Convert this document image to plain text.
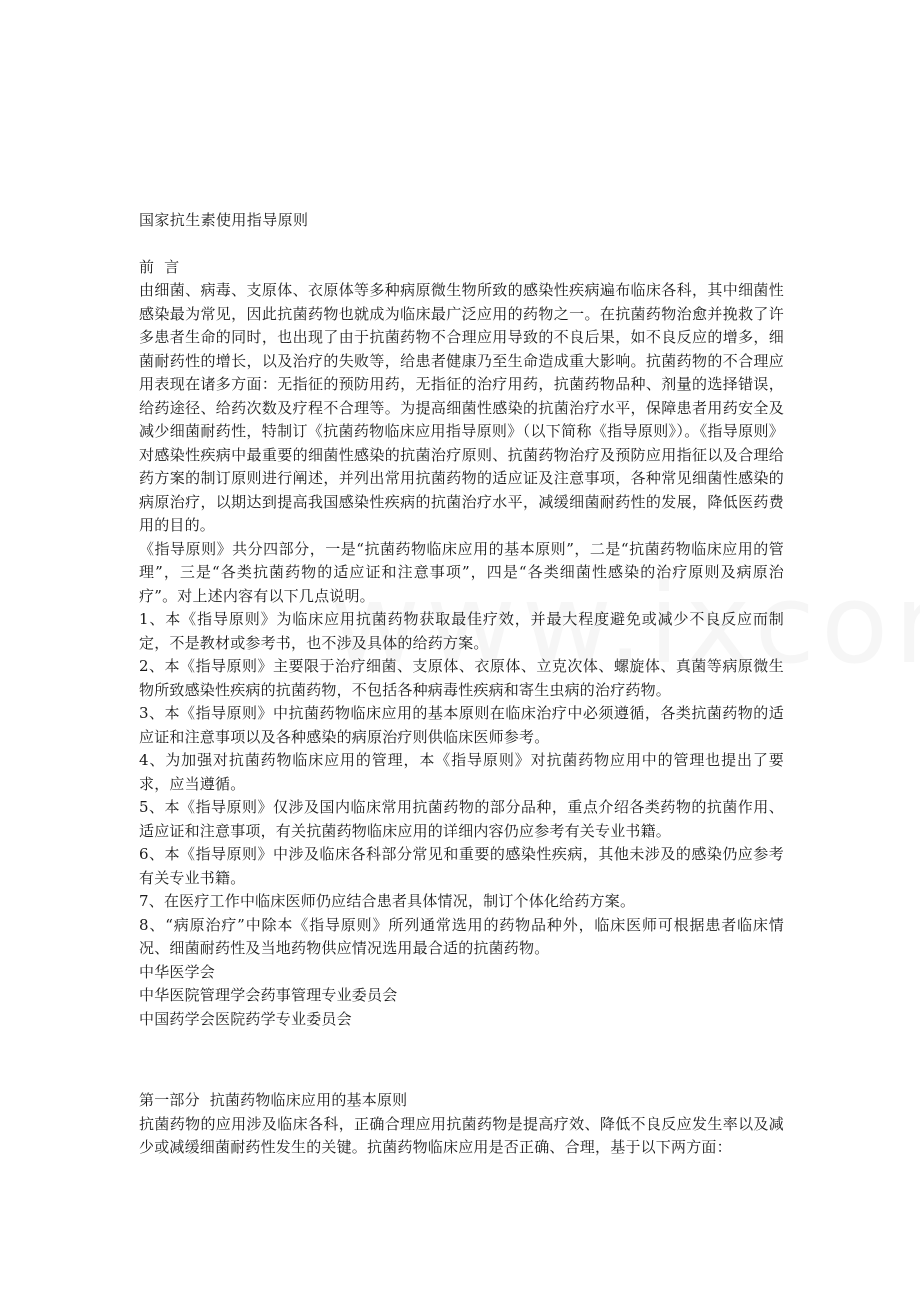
国家抗生素使用指导原则

前  言

由细菌、病毒、支原体、衣原体等多种病原微生物所致的感染性疾病遍布临床各科，其中细菌性感染最为常见，因此抗菌药物也就成为临床最广泛应用的药物之一。在抗菌药物治愈并挽救了许多患者生命的同时，也出现了由于抗菌药物不合理应用导致的不良后果，如不良反应的增多，细菌耐药性的增长，以及治疗的失败等，给患者健康乃至生命造成重大影响。抗菌药物的不合理应用表现在诸多方面：无指征的预防用药，无指征的治疗用药，抗菌药物品种、剂量的选择错误，给药途径、给药次数及疗程不合理等。为提高细菌性感染的抗菌治疗水平，保障患者用药安全及减少细菌耐药性，特制订《抗菌药物临床应用指导原则》（以下简称《指导原则》）。《指导原则》对感染性疾病中最重要的细菌性感染的抗菌治疗原则、抗菌药物治疗及预防应用指征以及合理给药方案的制订原则进行阐述，并列出常用抗菌药物的适应证及注意事项，各种常见细菌性感染的病原治疗，以期达到提高我国感染性疾病的抗菌治疗水平，减缓细菌耐药性的发展，降低医药费用的目的。

《指导原则》共分四部分，一是“抗菌药物临床应用的基本原则”，二是“抗菌药物临床应用的管理”，三是“各类抗菌药物的适应证和注意事项”，四是“各类细菌性感染的治疗原则及病原治疗”。对上述内容有以下几点说明。

1、本《指导原则》为临床应用抗菌药物获取最佳疗效，并最大程度避免或减少不良反应而制定，不是教材或参考书，也不涉及具体的给药方案。

2、本《指导原则》主要限于治疗细菌、支原体、衣原体、立克次体、螺旋体、真菌等病原微生物所致感染性疾病的抗菌药物，不包括各种病毒性疾病和寄生虫病的治疗药物。

3、本《指导原则》中抗菌药物临床应用的基本原则在临床治疗中必须遵循，各类抗菌药物的适应证和注意事项以及各种感染的病原治疗则供临床医师参考。

4、为加强对抗菌药物临床应用的管理，本《指导原则》对抗菌药物应用中的管理也提出了要求，应当遵循。

5、本《指导原则》仅涉及国内临床常用抗菌药物的部分品种，重点介绍各类药物的抗菌作用、适应证和注意事项，有关抗菌药物临床应用的详细内容仍应参考有关专业书籍。

6、本《指导原则》中涉及临床各科部分常见和重要的感染性疾病，其他未涉及的感染仍应参考有关专业书籍。

7、在医疗工作中临床医师仍应结合患者具体情况，制订个体化给药方案。

8、“病原治疗”中除本《指导原则》所列通常选用的药物品种外，临床医师可根据患者临床情况、细菌耐药性及当地药物供应情况选用最合适的抗菌药物。

中华医学会

中华医院管理学会药事管理专业委员会

中国药学会医院药学专业委员会

第一部分  抗菌药物临床应用的基本原则

抗菌药物的应用涉及临床各科，正确合理应用抗菌药物是提高疗效、降低不良反应发生率以及减少或减缓细菌耐药性发生的关键。抗菌药物临床应用是否正确、合理，基于以下两方面：
